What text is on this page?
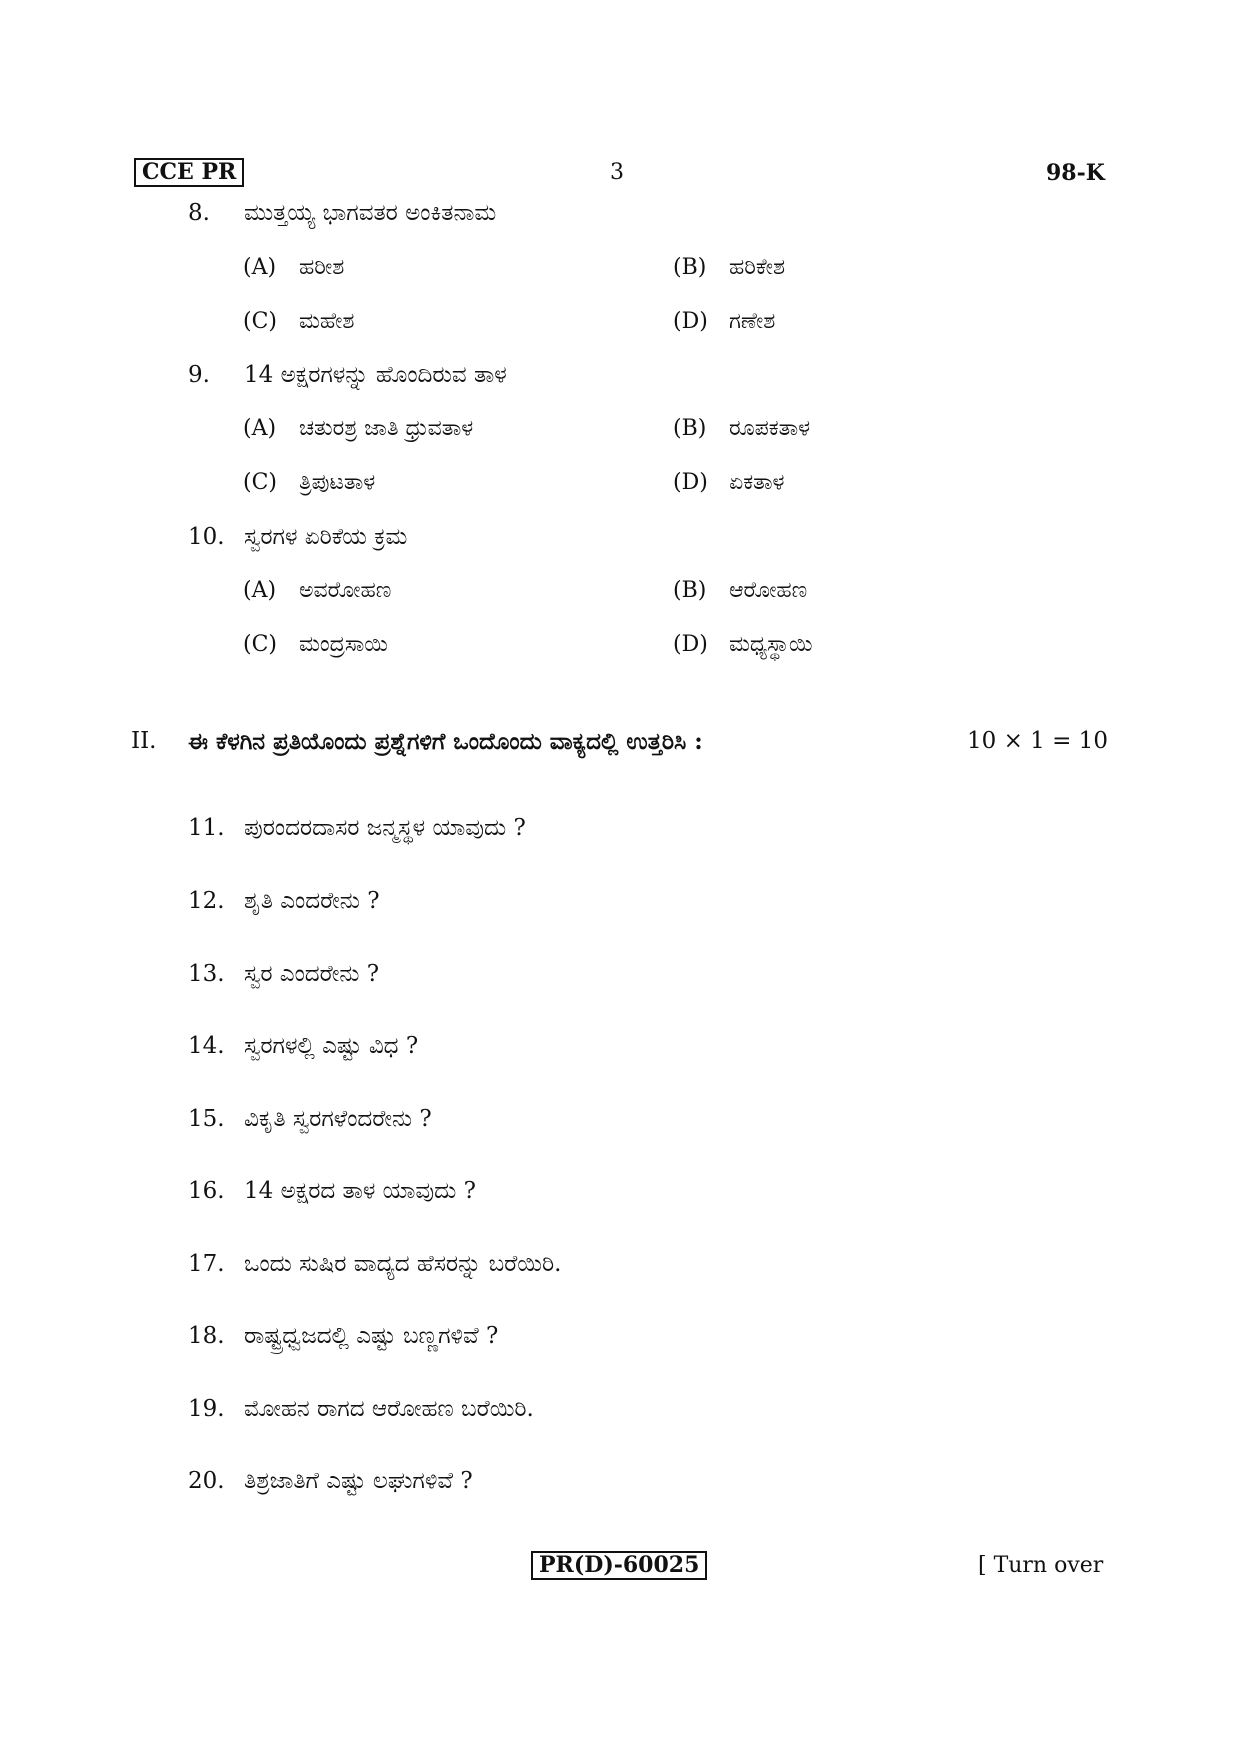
CCE PR	3	98-K
8. ಮುತ್ತಯ್ಯ ಭಾಗವತರ ಅಂಕಿತನಾಮ
(A) ಹರೀಶ	(B) ಹರಿಕೇಶ
(C) ಮಹೇಶ	(D) ಗಣೇಶ
9. 14 ಅಕ್ಷರಗಳನ್ನು ಹೊಂದಿರುವ ತಾಳ
(A) ಚತುರಶ್ರ ಜಾತಿ ಧ್ರುವತಾಳ	(B) ರೂಪಕತಾಳ
(C) ತ್ರಿಪುಟತಾಳ	(D) ಏಕತಾಳ
10. ಸ್ವರಗಳ ಏರಿಕೆಯ ಕ್ರಮ
(A) ಅವರೋಹಣ	(B) ಆರೋಹಣ
(C) ಮಂದ್ರಸಾಯಿ	(D) ಮಧ್ಯಸ್ಥಾಯಿ
II. ಈ ಕೆಳಗಿನ ಪ್ರತಿಯೊಂದು ಪ್ರಶ್ನೆಗಳಿಗೆ ಒಂದೊಂದು ವಾಕ್ಯದಲ್ಲಿ ಉತ್ತರಿಸಿ :	10 × 1 = 10
11. ಪುರಂದರದಾಸರ ಜನ್ಮಸ್ಥಳ ಯಾವುದು ?
12. ಶೃತಿ ಎಂದರೇನು ?
13. ಸ್ವರ ಎಂದರೇನು ?
14. ಸ್ವರಗಳಲ್ಲಿ ಎಷ್ಟು ವಿಧ ?
15. ವಿಕೃತಿ ಸ್ವರಗಳೆಂದರೇನು ?
16. 14 ಅಕ್ಷರದ ತಾಳ ಯಾವುದು ?
17. ಒಂದು ಸುಷಿರ ವಾದ್ಯದ ಹೆಸರನ್ನು ಬರೆಯಿರಿ.
18. ರಾಷ್ಟ್ರಧ್ವಜದಲ್ಲಿ ಎಷ್ಟು ಬಣ್ಣಗಳಿವೆ ?
19. ಮೋಹನ ರಾಗದ ಆರೋಹಣ ಬರೆಯಿರಿ.
20. ತಿಶ್ರಜಾತಿಗೆ ಎಷ್ಟು ಲಘುಗಳಿವೆ ?
PR(D)-60025	[ Turn over
